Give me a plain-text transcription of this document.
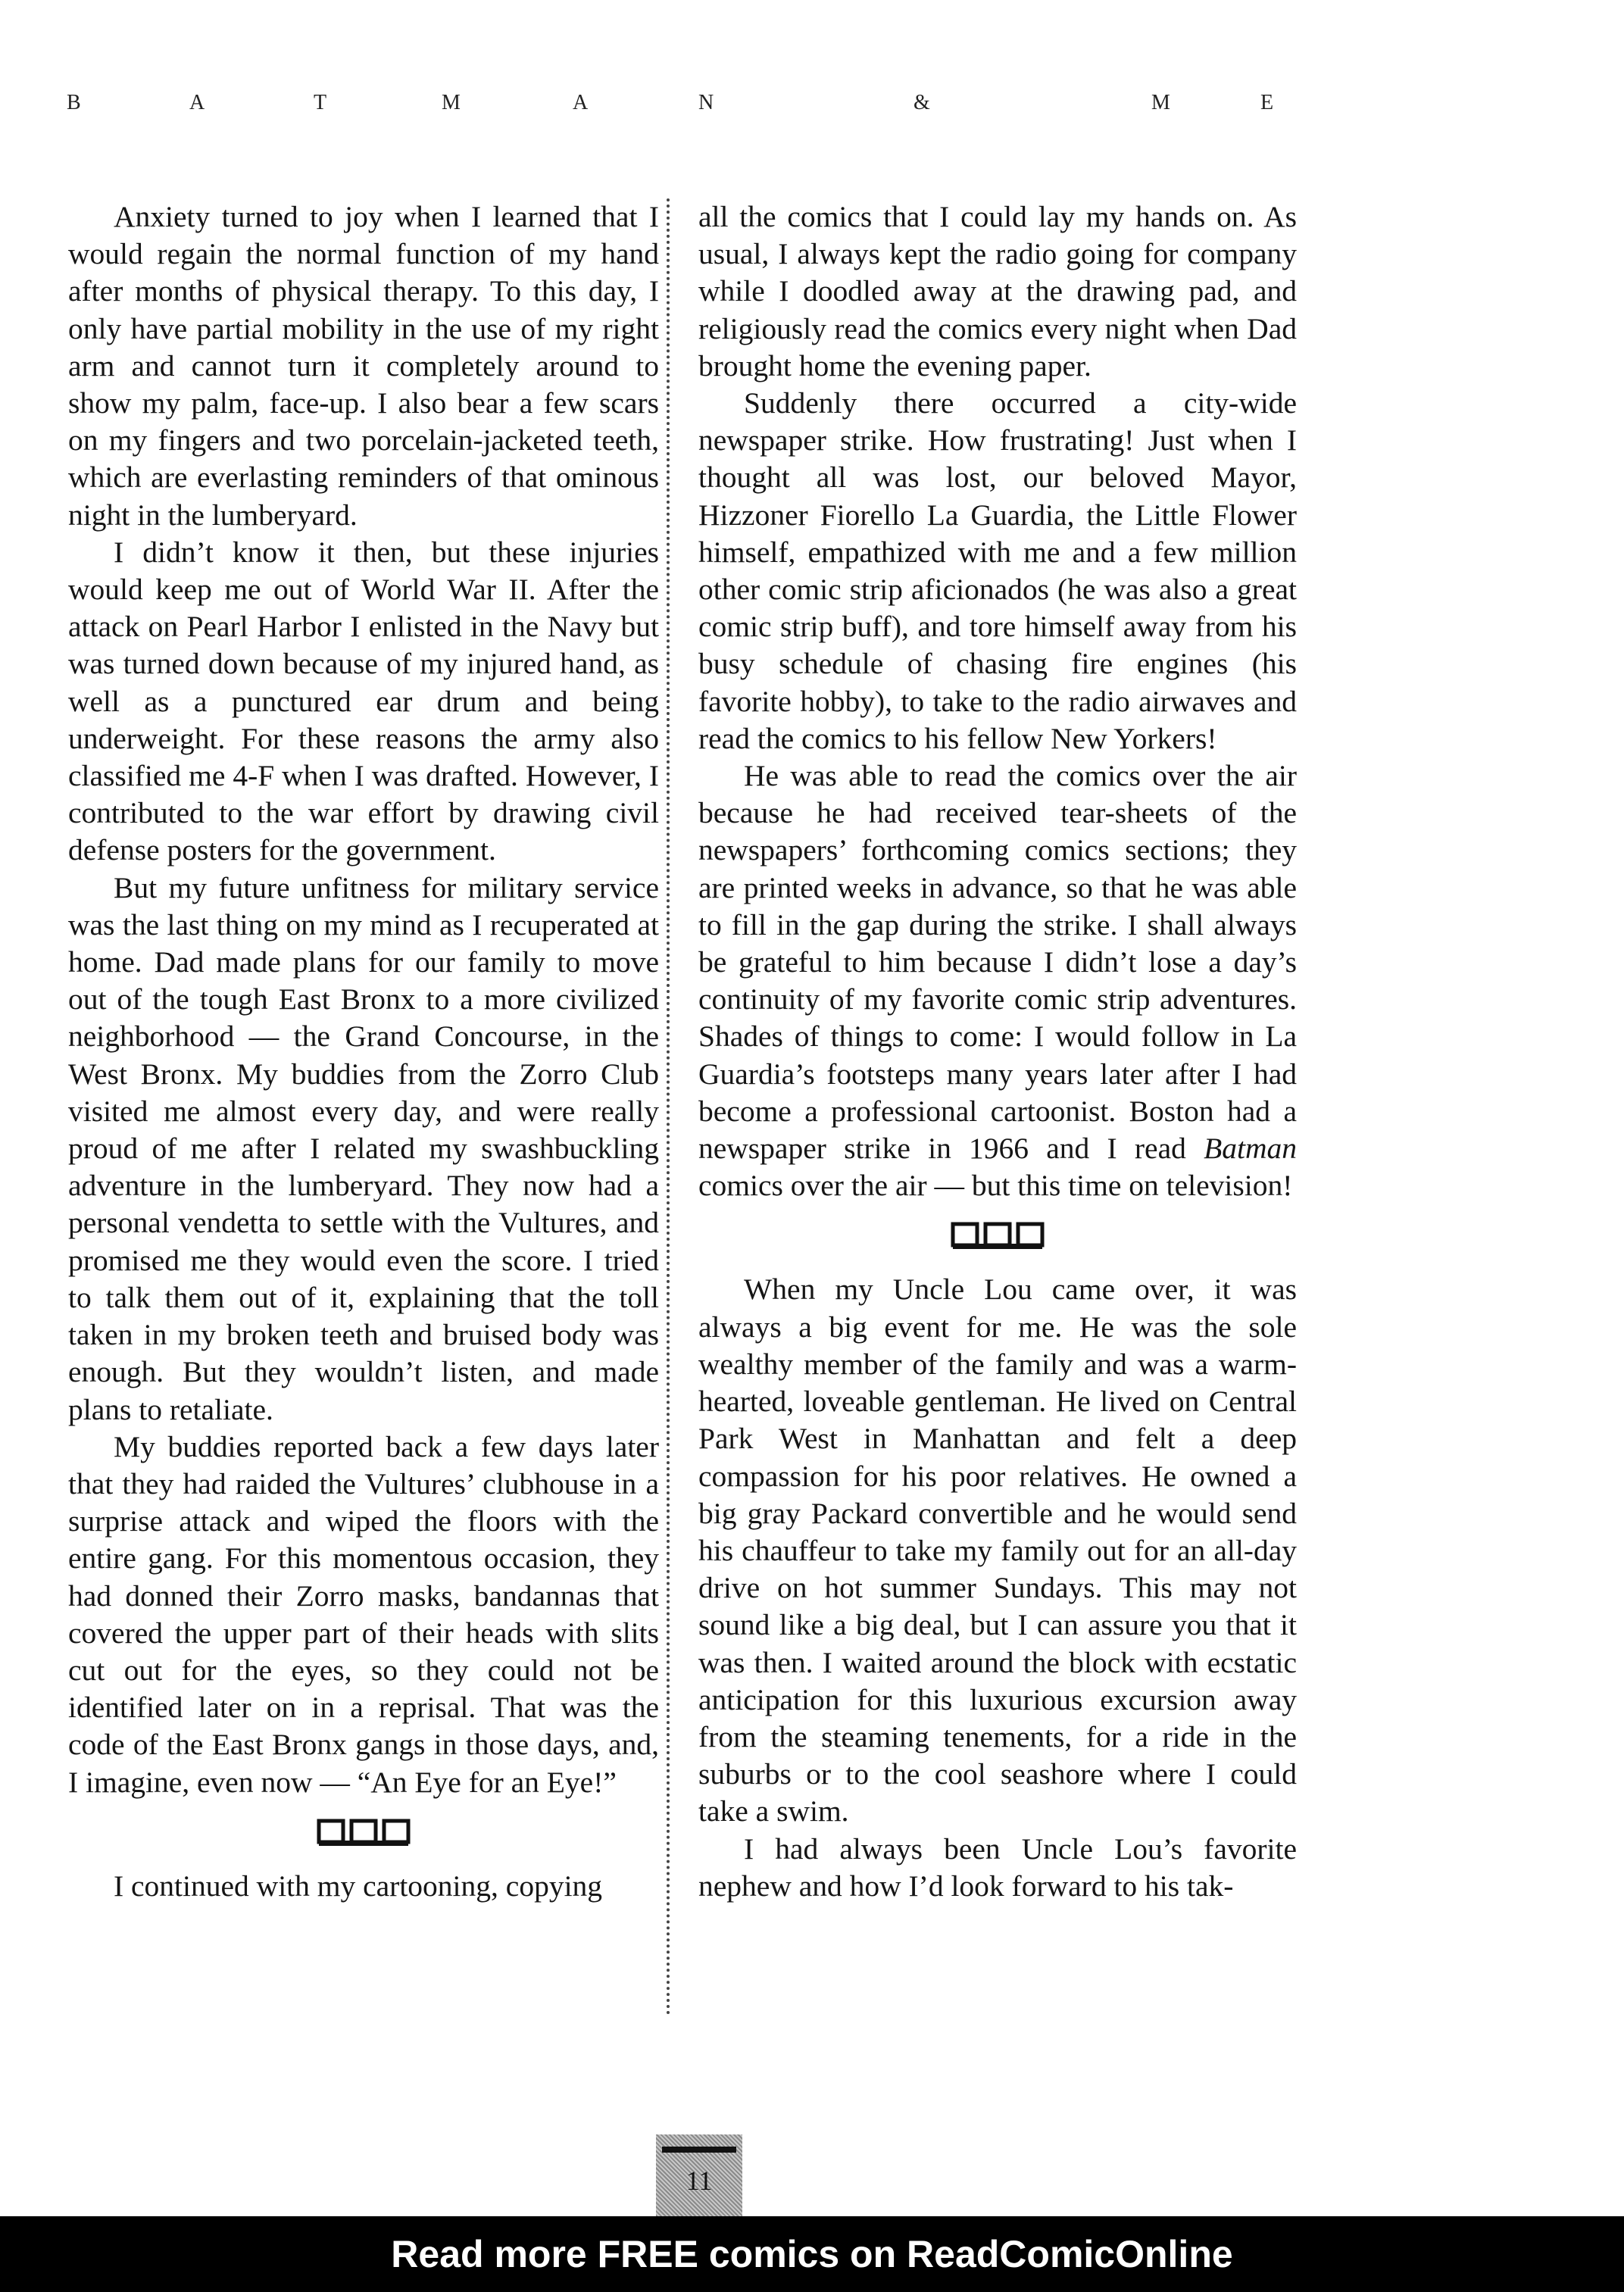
B	A	T	M	A	N	&	M	E

Anxiety turned to joy when I learned that I would regain the normal function of my hand after months of physical therapy. To this day, I only have partial mobility in the use of my right arm and cannot turn it completely around to show my palm, face-up. I also bear a few scars on my fingers and two porcelain-jacketed teeth, which are everlasting reminders of that ominous night in the lumberyard.

I didn’t know it then, but these injuries would keep me out of World War II. After the attack on Pearl Harbor I enlisted in the Navy but was turned down because of my injured hand, as well as a punctured ear drum and being underweight. For these reasons the army also classified me 4-F when I was drafted. However, I contributed to the war effort by drawing civil defense posters for the government.

But my future unfitness for military service was the last thing on my mind as I recuperated at home. Dad made plans for our family to move out of the tough East Bronx to a more civilized neighborhood — the Grand Concourse, in the West Bronx. My buddies from the Zorro Club visited me almost every day, and were really proud of me after I related my swashbuckling adventure in the lumberyard. They now had a personal vendetta to settle with the Vultures, and promised me they would even the score. I tried to talk them out of it, explaining that the toll taken in my broken teeth and bruised body was enough. But they wouldn’t listen, and made plans to retaliate.

My buddies reported back a few days later that they had raided the Vultures’ clubhouse in a surprise attack and wiped the floors with the entire gang. For this momentous occasion, they had donned their Zorro masks, bandannas that covered the upper part of their heads with slits cut out for the eyes, so they could not be identified later on in a reprisal. That was the code of the East Bronx gangs in those days, and, I imagine, even now — “An Eye for an Eye!”

I continued with my cartooning, copying

all the comics that I could lay my hands on. As usual, I always kept the radio going for company while I doodled away at the drawing pad, and religiously read the comics every night when Dad brought home the evening paper.

Suddenly there occurred a city-wide newspaper strike. How frustrating! Just when I thought all was lost, our beloved Mayor, Hizzoner Fiorello La Guardia, the Little Flower himself, empathized with me and a few million other comic strip aficionados (he was also a great comic strip buff), and tore himself away from his busy schedule of chasing fire engines (his favorite hobby), to take to the radio airwaves and read the comics to his fellow New Yorkers!

He was able to read the comics over the air because he had received tear-sheets of the newspapers’ forthcoming comics sections; they are printed weeks in advance, so that he was able to fill in the gap during the strike. I shall always be grateful to him because I didn’t lose a day’s continuity of my favorite comic strip adventures. Shades of things to come: I would follow in La Guardia’s footsteps many years later after I had become a professional cartoonist. Boston had a newspaper strike in 1966 and I read Batman comics over the air — but this time on television!

When my Uncle Lou came over, it was always a big event for me. He was the sole wealthy member of the family and was a warm-hearted, loveable gentleman. He lived on Central Park West in Manhattan and felt a deep compassion for his poor relatives. He owned a big gray Packard convertible and he would send his chauffeur to take my family out for an all-day drive on hot summer Sundays. This may not sound like a big deal, but I can assure you that it was then. I waited around the block with ecstatic anticipation for this luxurious excursion away from the steaming tenements, for a ride in the suburbs or to the cool seashore where I could take a swim.

I had always been Uncle Lou’s favorite nephew and how I’d look forward to his tak-

11
Read more FREE comics on ReadComicOnline
